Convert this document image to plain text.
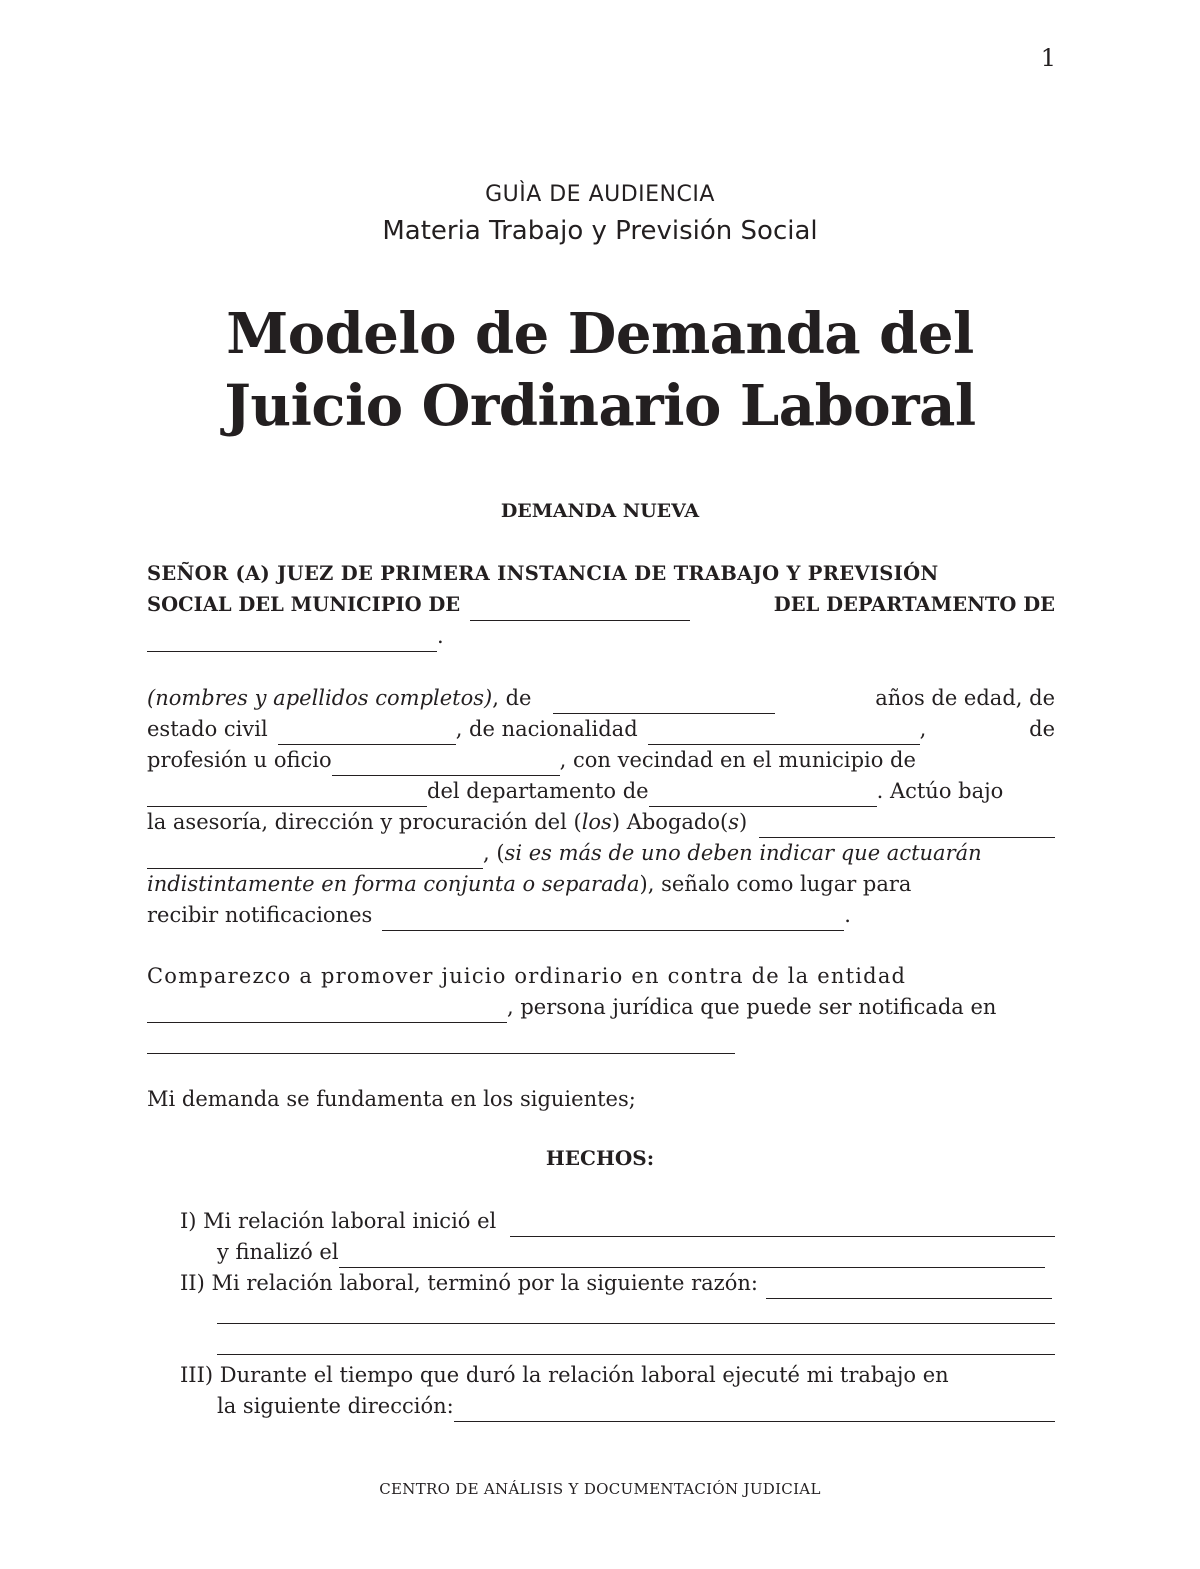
1
GUÌA DE AUDIENCIA
Materia Trabajo y Previsión Social
Modelo de Demanda del
Juicio Ordinario Laboral
DEMANDA NUEVA
SEÑOR (A) JUEZ DE PRIMERA INSTANCIA DE TRABAJO Y PREVISIÓN
SOCIAL DEL MUNICIPIO DE	DEL DEPARTAMENTO DE
.
(nombres y apellidos completos) , de	años de edad, de
estado civil	, de nacionalidad	,	de
profesión u oficio	, con vecindad en el municipio de
del departamento de	. Actúo bajo
la asesoría, dirección y procuración del ( los ) Abogado( s )
, ( si es más de uno deben indicar que actuarán
indistintamente en forma conjunta o separada ), señalo como lugar para
recibir notificaciones	.
Comparezco a promover juicio ordinario en contra de la entidad
, persona jurídica que puede ser notificada en
Mi demanda se fundamenta en los siguientes;
HECHOS:
I) Mi relación laboral inició el
y finalizó el
II) Mi relación laboral, terminó por la siguiente razón:
III) Durante el tiempo que duró la relación laboral ejecuté mi trabajo en
la siguiente dirección:
CENTRO DE ANÁLISIS Y DOCUMENTACIÓN JUDICIAL
